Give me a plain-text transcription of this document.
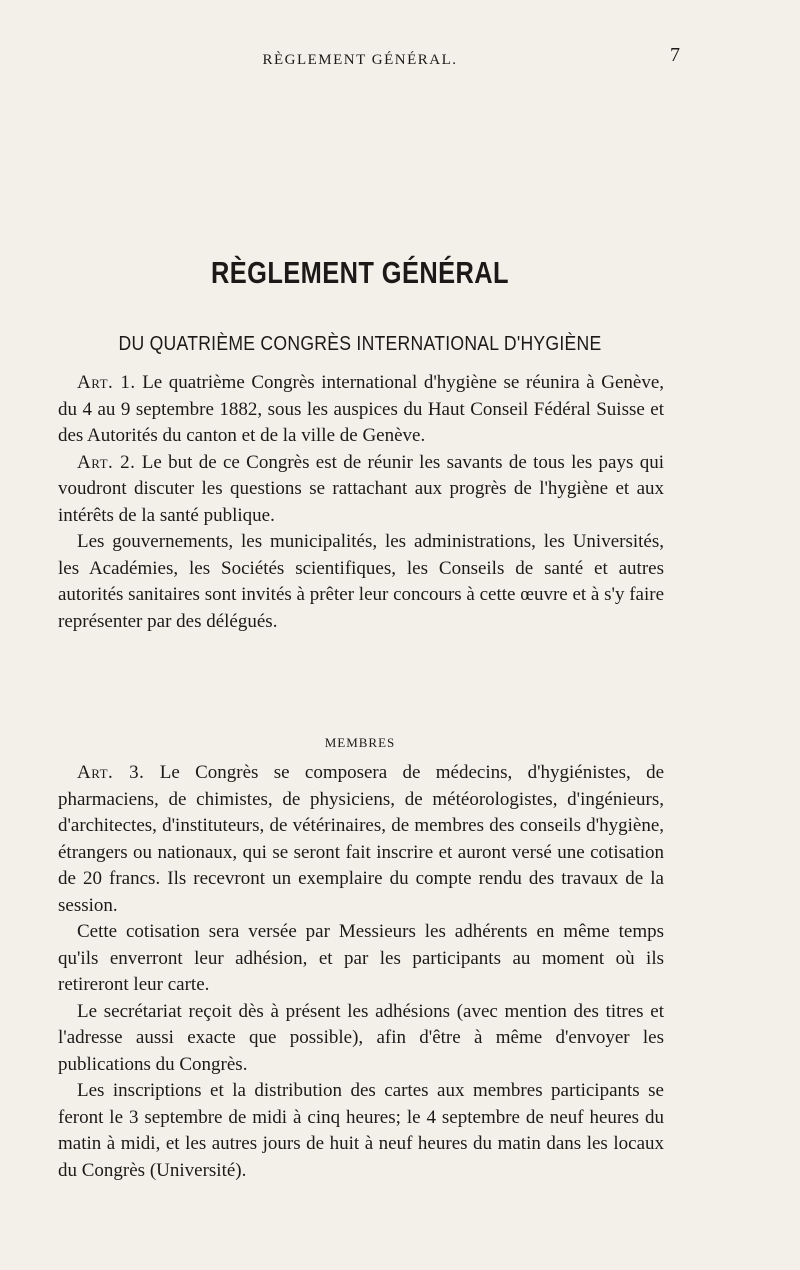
RÈGLEMENT GÉNÉRAL.	7
RÈGLEMENT GÉNÉRAL
DU QUATRIÈME CONGRÈS INTERNATIONAL D'HYGIÈNE

 Art. 1. Le quatrième Congrès international d'hygiène se réunira à Genève, du 4 au 9 septembre 1882, sous les auspices du Haut Conseil Fédéral Suisse et des Autorités du canton et de la ville de Genève.

 Art. 2. Le but de ce Congrès est de réunir les savants de tous les pays qui voudront discuter les questions se rattachant aux progrès de l'hygiène et aux intérêts de la santé publique.

 Les gouvernements, les municipalités, les administrations, les Universités, les Académies, les Sociétés scientifiques, les Conseils de santé et autres autorités sanitaires sont invités à prêter leur concours à cette œuvre et à s'y faire représenter par des délégués.

MEMBRES

 Art. 3. Le Congrès se composera de médecins, d'hygiénistes, de pharmaciens, de chimistes, de physiciens, de météorologistes, d'ingénieurs, d'architectes, d'instituteurs, de vétérinaires, de membres des conseils d'hygiène, étrangers ou nationaux, qui se seront fait inscrire et auront versé une cotisation de 20 francs. Ils recevront un exemplaire du compte rendu des travaux de la session.

 Cette cotisation sera versée par Messieurs les adhérents en même temps qu'ils enverront leur adhésion, et par les participants au moment où ils retireront leur carte.

 Le secrétariat reçoit dès à présent les adhésions (avec mention des titres et l'adresse aussi exacte que possible), afin d'être à même d'envoyer les publications du Congrès.

 Les inscriptions et la distribution des cartes aux membres participants se feront le 3 septembre de midi à cinq heures; le 4 septembre de neuf heures du matin à midi, et les autres jours de huit à neuf heures du matin dans les locaux du Congrès (Université).
